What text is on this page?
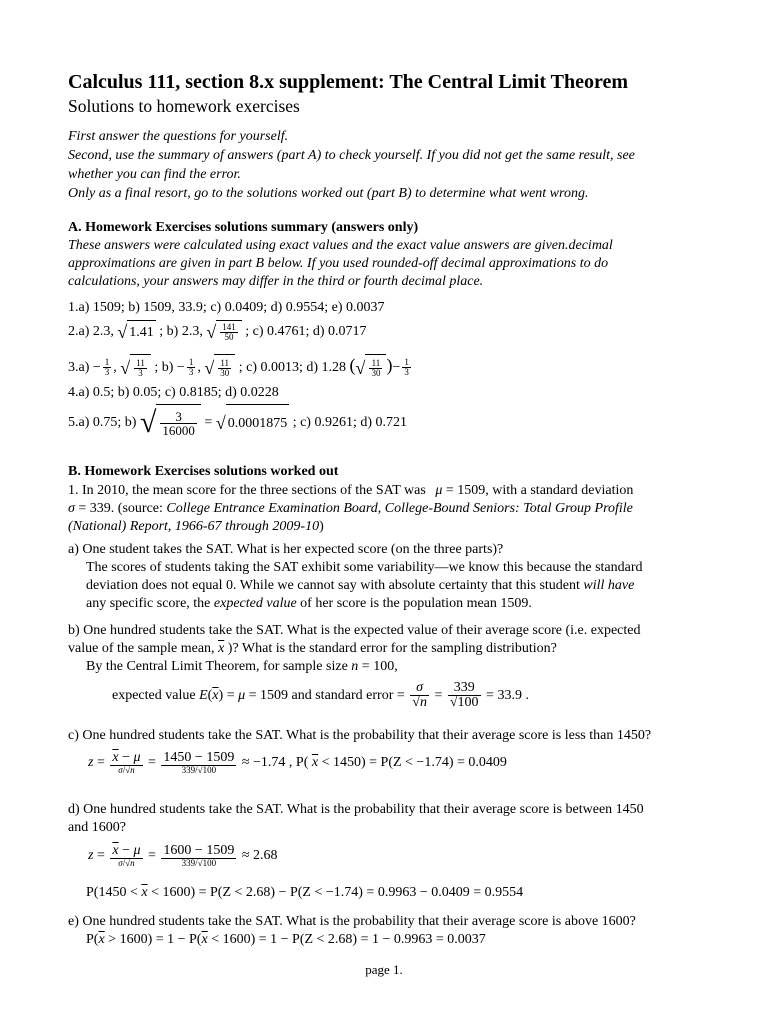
Calculus 111, section 8.x supplement: The Central Limit Theorem
Solutions to homework exercises
First answer the questions for yourself.
Second, use the summary of answers (part A) to check yourself. If you did not get the same result, see
whether you can find the error.
Only as a final resort, go to the solutions worked out (part B) to determine what went wrong.
A. Homework Exercises solutions summary (answers only)
These answers were calculated using exact values and the exact value answers are given.decimal
approximations are given in part B below. If you used rounded-off decimal approximations to do
calculations, your answers may differ in the third or fourth decimal place.
1.a) 1509; b) 1509, 33.9; c) 0.0409; d) 0.9554; e) 0.0037
2.a) 2.3, √ 1.41 ; b) 2.3, √ $\frac{141}{50}$ ; c) 0.4761; d) 0.0717
$3.a) - \frac{1}{3}$ , √ $\frac{11}{3}$ ; $b) - \frac{1}{3}$ , √ $\frac{11}{30}$ ; c) 0.0013; d) 1.28 (√ $\frac{11}{30}$ )− $\frac{1}{3}$
4.a) 0.5; b) 0.05; c) 0.8185; d) 0.0228
5.a) 0.75; b) √ $\frac{3}{16000}$ = √ 0.0001875 ; c) 0.9261; d) 0.721
B. Homework Exercises solutions worked out
1. In 2010, the mean score for the three sections of the SAT was μ = 1509, with a standard deviation
σ = 339. (source: College Entrance Examination Board, College-Bound Seniors: Total Group Profile
(National) Report, 1966-67 through 2009-10)
a) One student takes the SAT. What is her expected score (on the three parts)?
The scores of students taking the SAT exhibit some variability—we know this because the standard
deviation does not equal 0. While we cannot say with absolute certainty that this student will have
any specific score, the expected value of her score is the population mean 1509.
b) One hundred students take the SAT. What is the expected value of their average score (i.e. expected
value of the sample mean, $\overline{x}$ )? What is the standard error for the sampling distribution?
By the Central Limit Theorem, for sample size n = 100,
expected value $E(\overline{x}) = \mu = 1509$ and standard error = $\frac{\sigma}{√n} = \frac{339}{√100} = 33.9$ .
c) One hundred students take the SAT. What is the probability that their average score is less than 1450?
$z = \frac{\overline{x} - \mu}{\sigma/√n} = \frac{1450 - 1509}{339/√100} \approx -1.74$ , P( $\overline{x} < 1450) = P(Z < -1.74) = 0.0409$
d) One hundred students take the SAT. What is the probability that their average score is between 1450
and 1600?
$z = \frac{\overline{x} - \mu}{\sigma/√n} = \frac{1600 - 1509}{339/√100} \approx 2.68$
$P(1450 < \overline{x} < 1600) = P(Z < 2.68) - P(Z < -1.74) = 0.9963 - 0.0409 = 0.9554$
e) One hundred students take the SAT. What is the probability that their average score is above 1600?
$P(\overline{x} > 1600) = 1 - P(\overline{x} < 1600) = 1 - P(Z < 2.68) = 1 - 0.9963 = 0.0037$
page 1.
